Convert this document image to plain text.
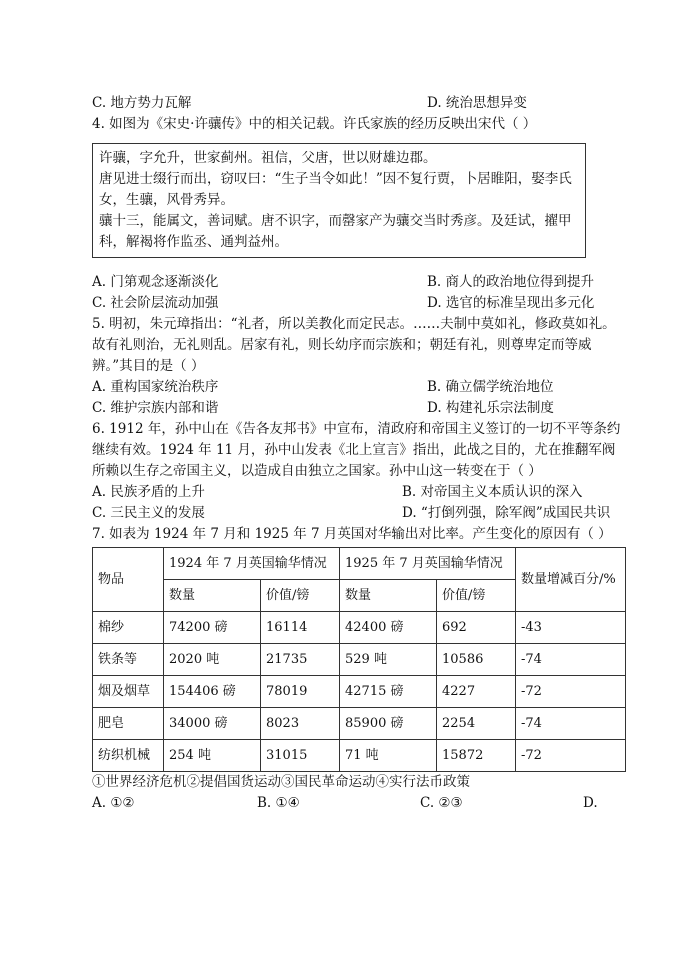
C. 地方势力瓦解	D. 统治思想异变
4. 如图为《宋史·许骧传》中的相关记载。许氏家族的经历反映出宋代（ ）

许骧，字允升，世家蓟州。祖信，父唐，世以财雄边郡。

唐见进士缀行而出，窃叹曰：“生子当令如此！”因不复行贾，卜居睢阳，娶李氏女，生骧，风骨秀异。

骧十三，能属文，善词赋。唐不识字，而罄家产为骧交当时秀彦。及廷试，擢甲科，解褐将作监丞、通判益州。

A. 门第观念逐渐淡化	B. 商人的政治地位得到提升
C. 社会阶层流动加强	D. 选官的标准呈现出多元化
5. 明初，朱元璋指出：“礼者，所以美教化而定民志。……夫制中莫如礼，修政莫如礼。故有礼则治，无礼则乱。居家有礼，则长幼序而宗族和；朝廷有礼，则尊卑定而等威辨。”其目的是（ ）
A. 重构国家统治秩序	B. 确立儒学统治地位
C. 维护宗族内部和谐	D. 构建礼乐宗法制度
6. 1912 年，孙中山在《告各友邦书》中宣布，清政府和帝国主义签订的一切不平等条约继续有效。1924 年 11 月，孙中山发表《北上宣言》指出，此战之目的，尤在推翻军阀所赖以生存之帝国主义，以造成自由独立之国家。孙中山这一转变在于（ ）
A. 民族矛盾的上升	B. 对帝国主义本质认识的深入
C. 三民主义的发展	D. “打倒列强，除军阀”成国民共识
7. 如表为 1924 年 7 月和 1925 年 7 月英国对华输出对比率。产生变化的原因有（ ）
物品	1924 年 7 月英国输华情况		1925 年 7 月英国输华情况		数量增减百分/%
	数量	价值/镑	数量	价值/镑	
棉纱	74200 磅	16114	42400 磅	692	-43
铁条等	2020 吨	21735	529 吨	10586	-74
烟及烟草	154406 磅	78019	42715 磅	4227	-72
肥皂	34000 磅	8023	85900 磅	2254	-74
纺织机械	254 吨	31015	71 吨	15872	-72
①世界经济危机②提倡国货运动③国民革命运动④实行法币政策
A. ①②	B. ①④	C. ②③	D.
